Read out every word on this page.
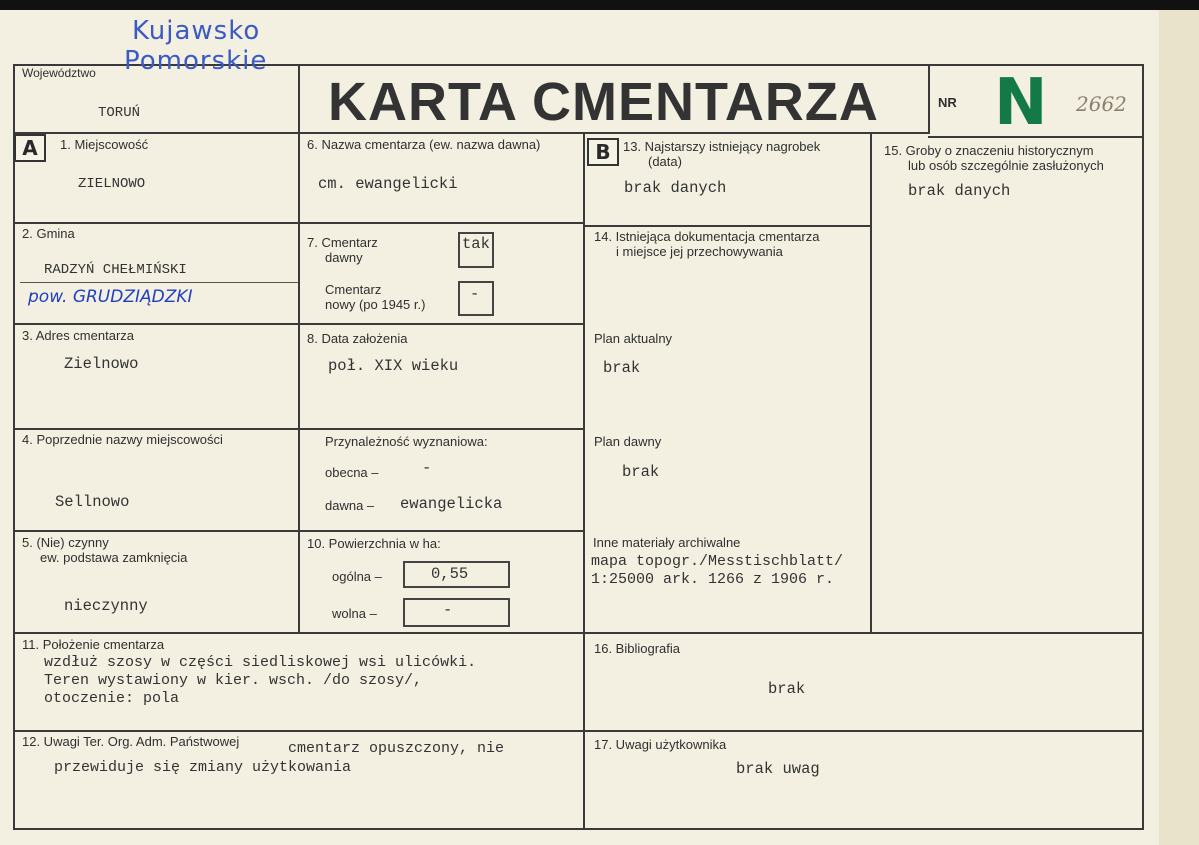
Kujawsko
Pomorskie
Województwo
TORUŃ	KARTA CMENTARZA	NR N 2662
A	B
1. Miejscowość
ZIELNOWO
2. Gmina
RADZYŃ CHEŁMIŃSKI
pow. GRUDZIĄDZKI
3. Adres cmentarza
Zielnowo
4. Poprzednie nazwy miejscowości
Sellnowo
5. (Nie) czynny
ew. podstawa zamknięcia
nieczynny
6. Nazwa cmentarza (ew. nazwa dawna)
cm. ewangelicki
7. Cmentarz
dawny
tak
Cmentarz
nowy (po 1945 r.)
-
8. Data założenia
poł. XIX wieku
Przynależność wyznaniowa:
obecna –	-
dawna – ewangelicka
10. Powierzchnia w ha:
ogólna –	0,55
wolna –	-
13. Najstarszy istniejący nagrobek
(data)
brak danych
14. Istniejąca dokumentacja cmentarza
i miejsce jej przechowywania
Plan aktualny
brak
Plan dawny
brak
Inne materiały archiwalne
mapa topogr./Messtischblatt/
1:25000 ark. 1266 z 1906 r.
15. Groby o znaczeniu historycznym
lub osób szczególnie zasłużonych
brak danych
11. Położenie cmentarza
wzdłuż szosy w części siedliskowej wsi ulicówki.
Teren wystawiony w kier. wsch. /do szosy/,
otoczenie: pola
16. Bibliografia
brak
12. Uwagi Ter. Org. Adm. Państwowej	cmentarz opuszczony, nie
przewiduje się zmiany użytkowania
17. Uwagi użytkownika
brak uwag
